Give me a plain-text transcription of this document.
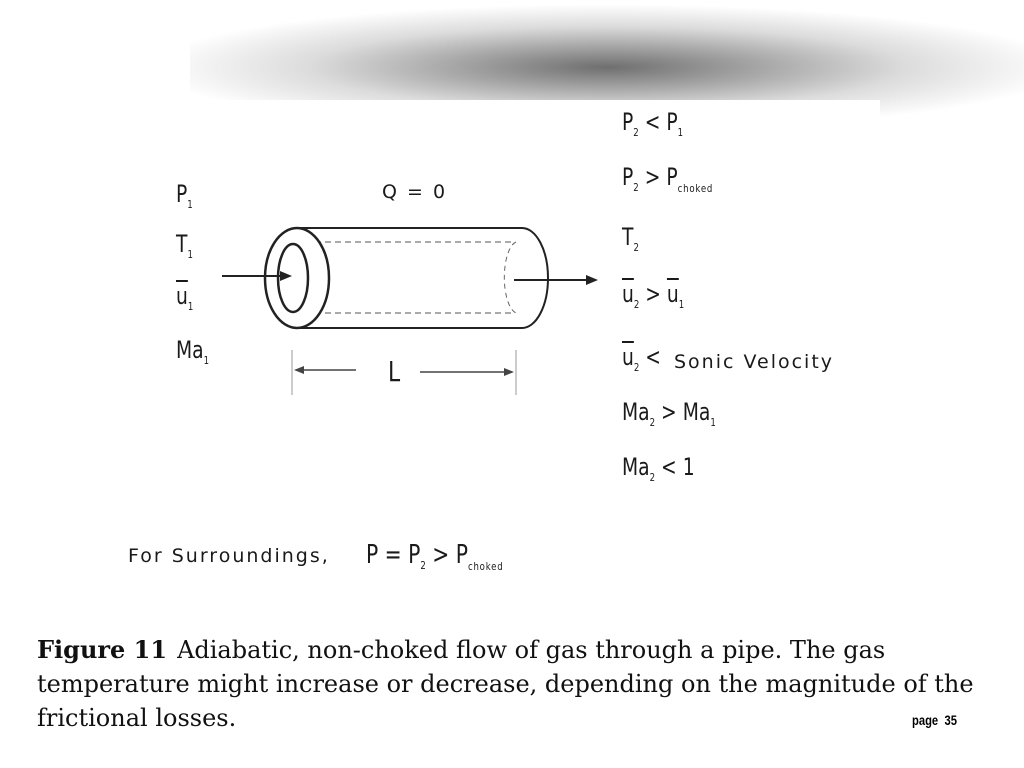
$P_1$
$T_1$
$\overline{u}_1$
$Ma_1$
Q = 0
L
$P_2 < P_1$
$P_2 > P_{choked}$
$T_2$
$\overline{u}_2 > \overline{u}_1$
$\overline{u}_2$ < Sonic Velocity
$Ma_2 > Ma_1$
$Ma_2 < 1$
For Surroundings, $P = P_2 > P_{choked}$
Figure 11 Adiabatic, non-choked flow of gas through a pipe. The gas temperature might increase or decrease, depending on the magnitude of the frictional losses.	page 35
